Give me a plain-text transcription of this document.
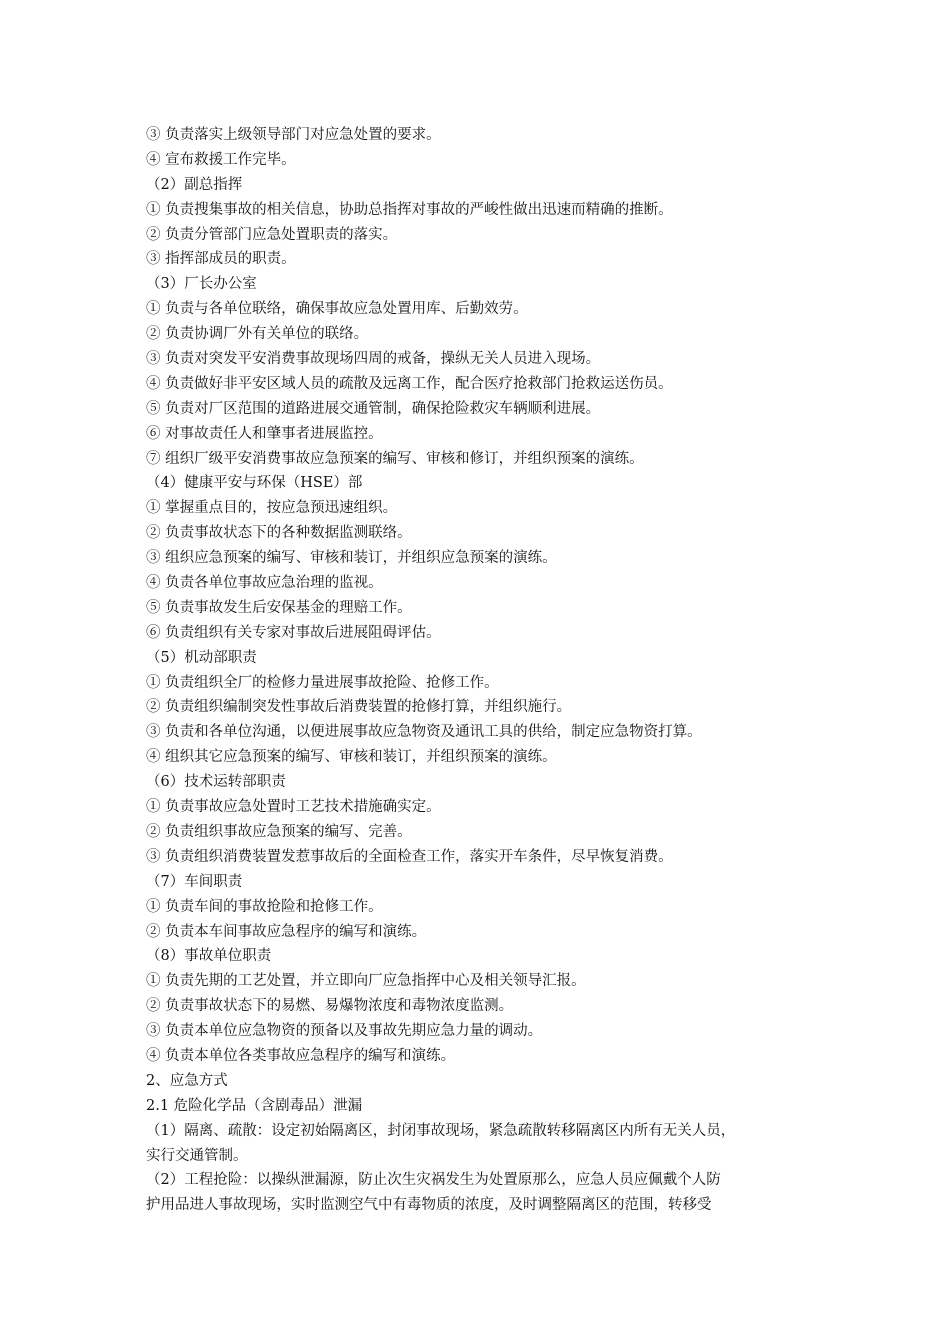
③ 负责落实上级领导部门对应急处置的要求。
④ 宣布救援工作完毕。
（2）副总指挥
① 负责搜集事故的相关信息，协助总指挥对事故的严峻性做出迅速而精确的推断。
② 负责分管部门应急处置职责的落实。
③ 指挥部成员的职责。
（3）厂长办公室
① 负责与各单位联络，确保事故应急处置用库、后勤效劳。
② 负责协调厂外有关单位的联络。
③ 负责对突发平安消费事故现场四周的戒备，操纵无关人员进入现场。
④ 负责做好非平安区域人员的疏散及远离工作，配合医疗抢救部门抢救运送伤员。
⑤ 负责对厂区范围的道路进展交通管制，确保抢险救灾车辆顺利进展。
⑥ 对事故责任人和肇事者进展监控。
⑦ 组织厂级平安消费事故应急预案的编写、审核和修订，并组织预案的演练。
（4）健康平安与环保（HSE）部
① 掌握重点目的，按应急预迅速组织。
② 负责事故状态下的各种数据监测联络。
③ 组织应急预案的编写、审核和装订，并组织应急预案的演练。
④ 负责各单位事故应急治理的监视。
⑤ 负责事故发生后安保基金的理赔工作。
⑥ 负责组织有关专家对事故后进展阻碍评估。
（5）机动部职责
① 负责组织全厂的检修力量进展事故抢险、抢修工作。
② 负责组织编制突发性事故后消费装置的抢修打算，并组织施行。
③ 负责和各单位沟通，以便进展事故应急物资及通讯工具的供给，制定应急物资打算。
④ 组织其它应急预案的编写、审核和装订，并组织预案的演练。
（6）技术运转部职责
① 负责事故应急处置时工艺技术措施确实定。
② 负责组织事故应急预案的编写、完善。
③ 负责组织消费装置发惹事故后的全面检查工作，落实开车条件，尽早恢复消费。
（7）车间职责
① 负责车间的事故抢险和抢修工作。
② 负责本车间事故应急程序的编写和演练。
（8）事故单位职责
① 负责先期的工艺处置，并立即向厂应急指挥中心及相关领导汇报。
② 负责事故状态下的易燃、易爆物浓度和毒物浓度监测。
③ 负责本单位应急物资的预备以及事故先期应急力量的调动。
④ 负责本单位各类事故应急程序的编写和演练。
2、应急方式
2.1 危险化学品（含剧毒品）泄漏
（1）隔离、疏散：设定初始隔离区，封闭事故现场，紧急疏散转移隔离区内所有无关人员，
实行交通管制。
（2）工程抢险：以操纵泄漏源，防止次生灾祸发生为处置原那么，应急人员应佩戴个人防
护用品进人事故现场，实时监测空气中有毒物质的浓度，及时调整隔离区的范围，转移受
